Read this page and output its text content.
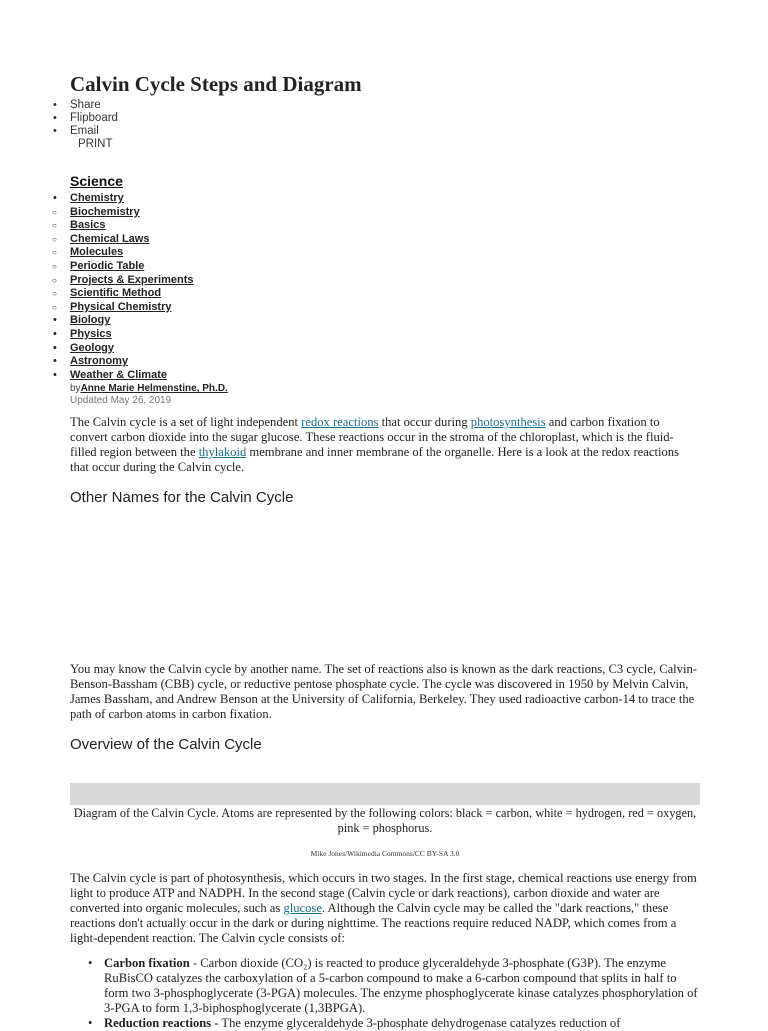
Calvin Cycle Steps and Diagram
• Share
• Flipboard
• Email
PRINT
Science
• Chemistry
○ Biochemistry
○ Basics
○ Chemical Laws
○ Molecules
○ Periodic Table
○ Projects & Experiments
○ Scientific Method
○ Physical Chemistry
• Biology
• Physics
• Geology
• Astronomy
• Weather & Climate
byAnne Marie Helmenstine, Ph.D.
Updated May 26, 2019

The Calvin cycle is a set of light independent redox reactions that occur during photosynthesis and carbon fixation to convert carbon dioxide into the sugar glucose. These reactions occur in the stroma of the chloroplast, which is the fluid-filled region between the thylakoid membrane and inner membrane of the organelle. Here is a look at the redox reactions that occur during the Calvin cycle.

Other Names for the Calvin Cycle

You may know the Calvin cycle by another name. The set of reactions also is known as the dark reactions, C3 cycle, Calvin-Benson-Bassham (CBB) cycle, or reductive pentose phosphate cycle. The cycle was discovered in 1950 by Melvin Calvin, James Bassham, and Andrew Benson at the University of California, Berkeley. They used radioactive carbon-14 to trace the path of carbon atoms in carbon fixation.

Overview of the Calvin Cycle
Diagram of the Calvin Cycle. Atoms are represented by the following colors: black = carbon, white = hydrogen, red = oxygen, pink = phosphorus.
Mike Jones/Wikimedia Commons/CC BY-SA 3.0

The Calvin cycle is part of photosynthesis, which occurs in two stages. In the first stage, chemical reactions use energy from light to produce ATP and NADPH. In the second stage (Calvin cycle or dark reactions), carbon dioxide and water are converted into organic molecules, such as glucose. Although the Calvin cycle may be called the "dark reactions," these reactions don't actually occur in the dark or during nighttime. The reactions require reduced NADP, which comes from a light-dependent reaction. The Calvin cycle consists of:

• Carbon fixation - Carbon dioxide (CO₂) is reacted to produce glyceraldehyde 3-phosphate (G3P). The enzyme RuBisCO catalyzes the carboxylation of a 5-carbon compound to make a 6-carbon compound that splits in half to form two 3-phosphoglycerate (3-PGA) molecules. The enzyme phosphoglycerate kinase catalyzes phosphorylation of 3-PGA to form 1,3-biphosphoglycerate (1,3BPGA).
• Reduction reactions - The enzyme glyceraldehyde 3-phosphate dehydrogenase catalyzes reduction of
